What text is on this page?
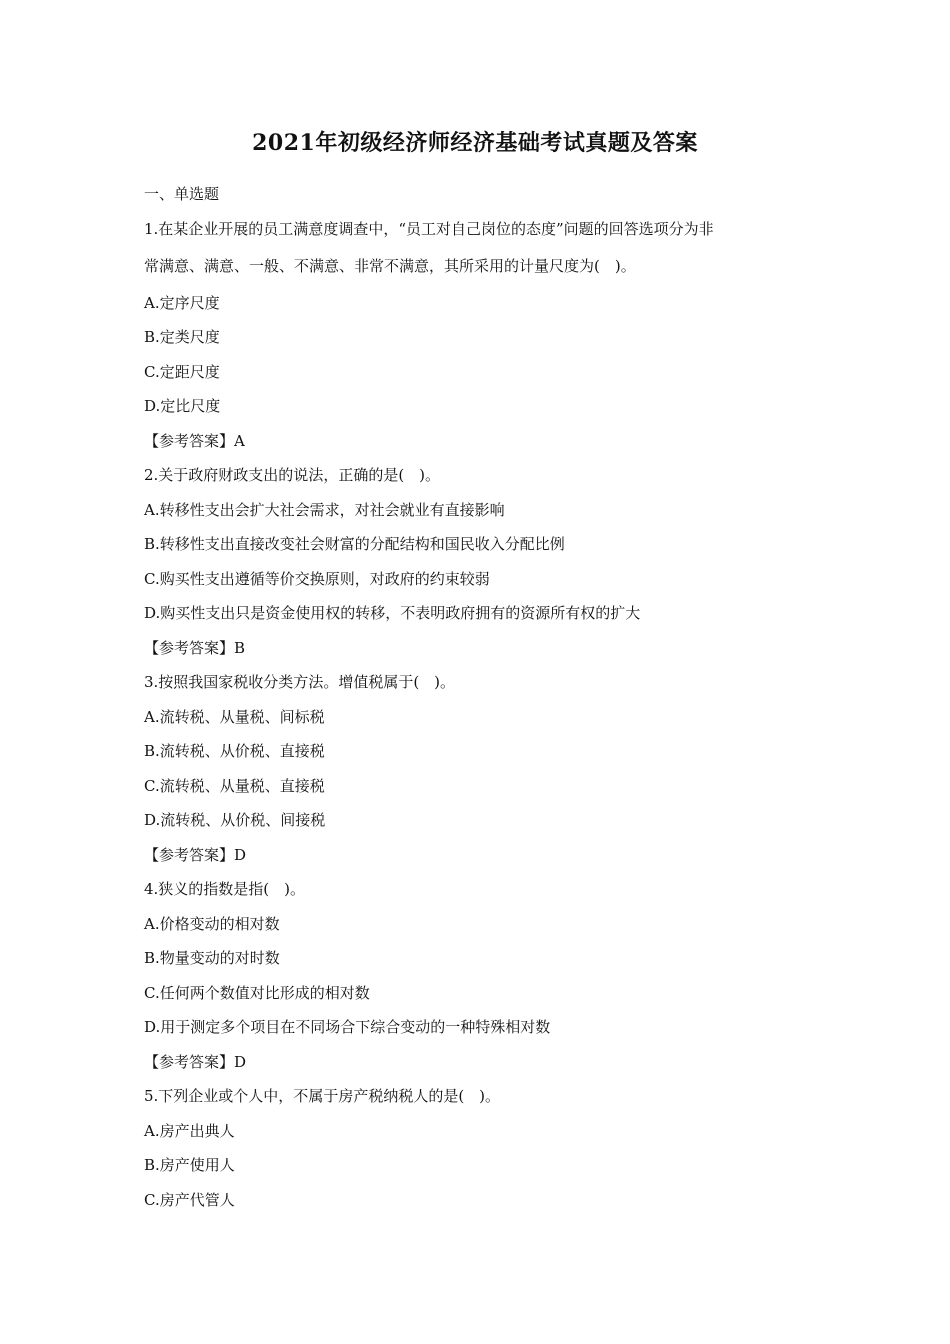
2021年初级经济师经济基础考试真题及答案
一、单选题
1.在某企业开展的员工满意度调查中，“员工对自己岗位的态度”问题的回答选项分为非
常满意、满意、一般、不满意、非常不满意，其所采用的计量尺度为(　)。
A.定序尺度
B.定类尺度
C.定距尺度
D.定比尺度
【参考答案】A
2.关于政府财政支出的说法，正确的是(　)。
A.转移性支出会扩大社会需求，对社会就业有直接影响
B.转移性支出直接改变社会财富的分配结构和国民收入分配比例
C.购买性支出遵循等价交换原则，对政府的约束较弱
D.购买性支出只是资金使用权的转移，不表明政府拥有的资源所有权的扩大
【参考答案】B
3.按照我国家税收分类方法。增值税属于(　)。
A.流转税、从量税、间标税
B.流转税、从价税、直接税
C.流转税、从量税、直接税
D.流转税、从价税、间接税
【参考答案】D
4.狭义的指数是指(　)。
A.价格变动的相对数
B.物量变动的对时数
C.任何两个数值对比形成的相对数
D.用于测定多个项目在不同场合下综合变动的一种特殊相对数
【参考答案】D
5.下列企业或个人中，不属于房产税纳税人的是(　)。
A.房产出典人
B.房产使用人
C.房产代管人
